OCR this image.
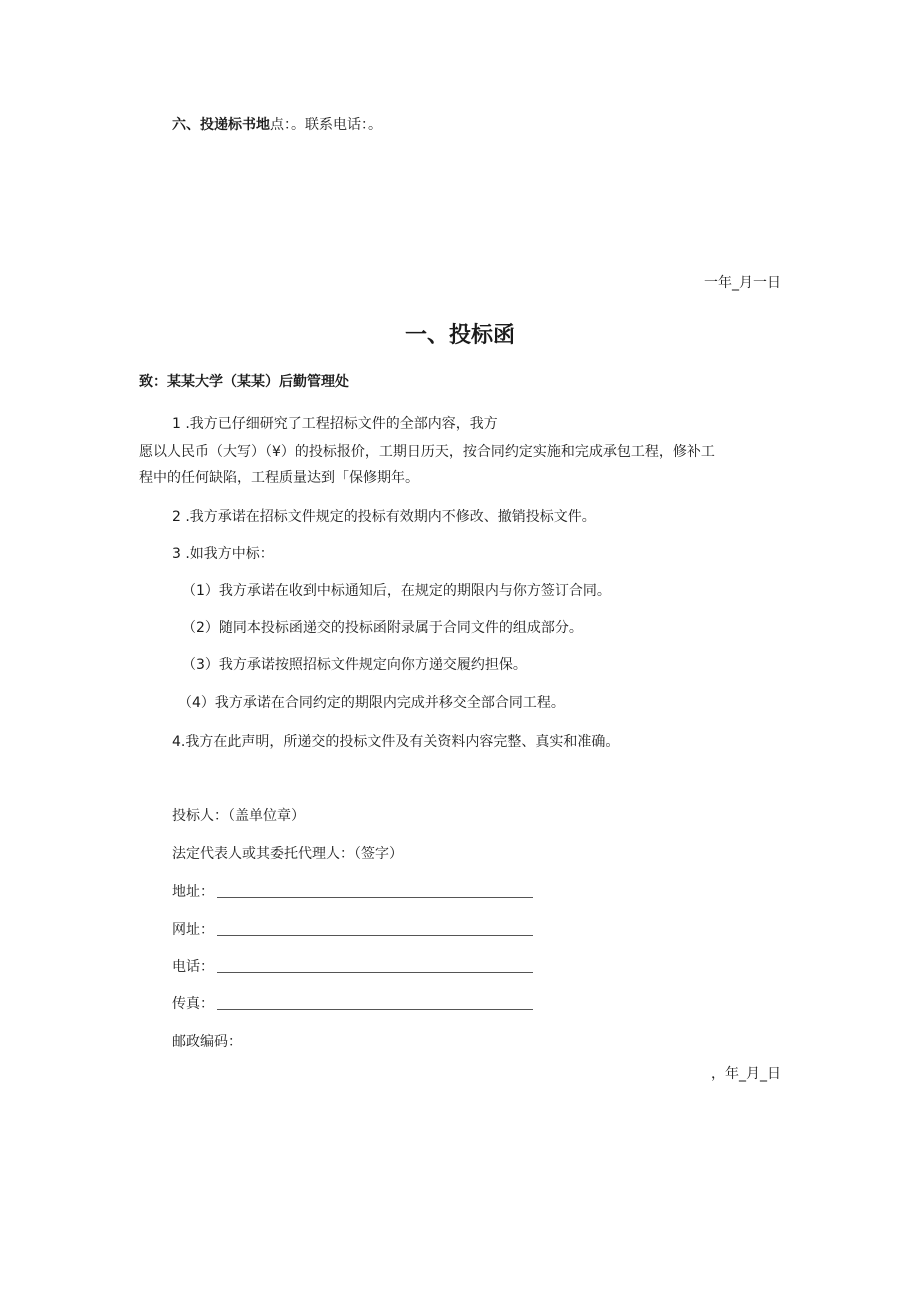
六、投递标书地点：。联系电话：。
一年_月一日
一、投标函
致：某某大学（某某）后勤管理处
1 .我方已仔细研究了工程招标文件的全部内容，我方
愿以人民币（大写）（¥）的投标报价，工期日历天，按合同约定实施和完成承包工程，修补工
程中的任何缺陷，工程质量达到「保修期年。
2 .我方承诺在招标文件规定的投标有效期内不修改、撤销投标文件。
3 .如我方中标：
（1）我方承诺在收到中标通知后，在规定的期限内与你方签订合同。
（2）随同本投标函递交的投标函附录属于合同文件的组成部分。
（3）我方承诺按照招标文件规定向你方递交履约担保。
（4）我方承诺在合同约定的期限内完成并移交全部合同工程。
4.我方在此声明，所递交的投标文件及有关资料内容完整、真实和准确。
投标人：（盖单位章）
法定代表人或其委托代理人：（签字）
地址：
网址：
电话：
传真：
邮政编码：
，年_月_日
